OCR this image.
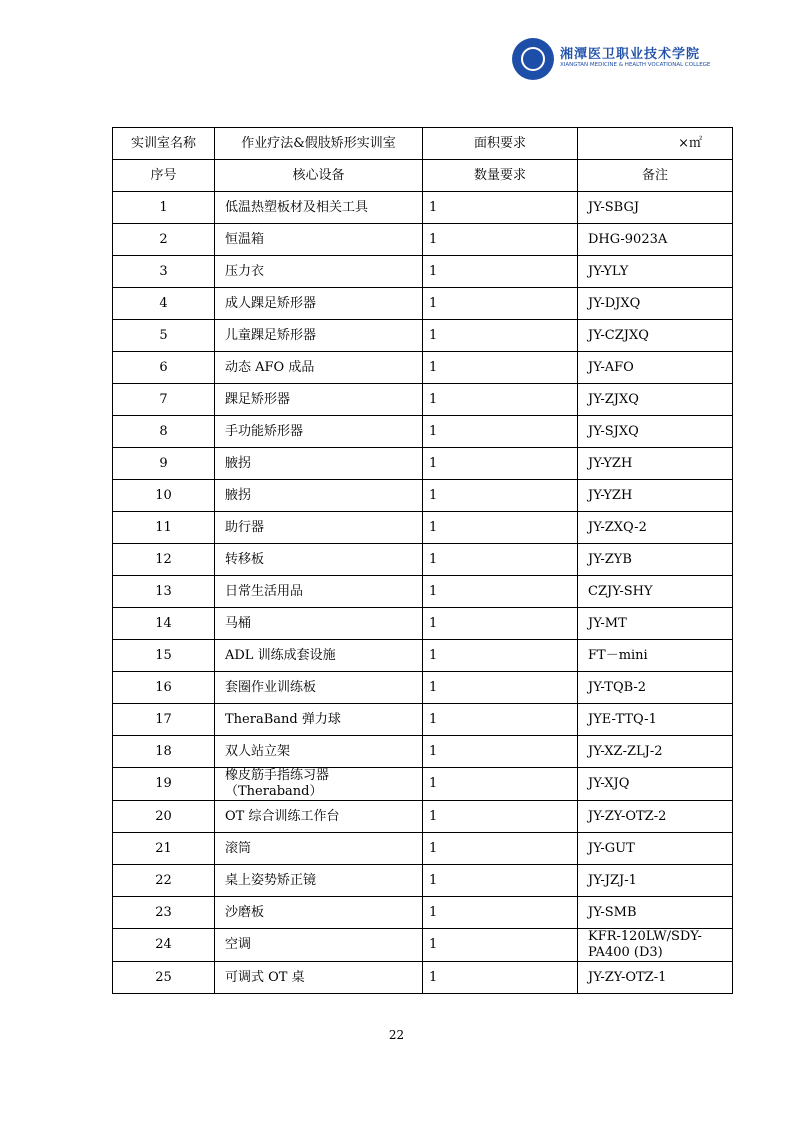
湘潭医卫职业技术学院
XIANGTAN MEDICINE & HEALTH VOCATIONAL COLLEGE
实训室名称	作业疗法&假肢矫形实训室	面积要求	×㎡
序号	核心设备	数量要求	备注
1	低温热塑板材及相关工具	1	JY-SBGJ
2	恒温箱	1	DHG-9023A
3	压力衣	1	JY-YLY
4	成人踝足矫形器	1	JY-DJXQ
5	儿童踝足矫形器	1	JY-CZJXQ
6	动态 AFO 成品	1	JY-AFO
7	踝足矫形器	1	JY-ZJXQ
8	手功能矫形器	1	JY-SJXQ
9	腋拐	1	JY-YZH
10	腋拐	1	JY-YZH
11	助行器	1	JY-ZXQ-2
12	转移板	1	JY-ZYB
13	日常生活用品	1	CZJY-SHY
14	马桶	1	JY-MT
15	ADL 训练成套设施	1	FT－mini
16	套圈作业训练板	1	JY-TQB-2
17	TheraBand 弹力球	1	JYE-TTQ-1
18	双人站立架	1	JY-XZ-ZLJ-2
19	橡皮筋手指练习器（Theraband）	1	JY-XJQ
20	OT 综合训练工作台	1	JY-ZY-OTZ-2
21	滚筒	1	JY-GUT
22	桌上姿势矫正镜	1	JY-JZJ-1
23	沙磨板	1	JY-SMB
24	空调	1	KFR-120LW/SDY-PA400 (D3)
25	可调式 OT 桌	1	JY-ZY-OTZ-1
22
